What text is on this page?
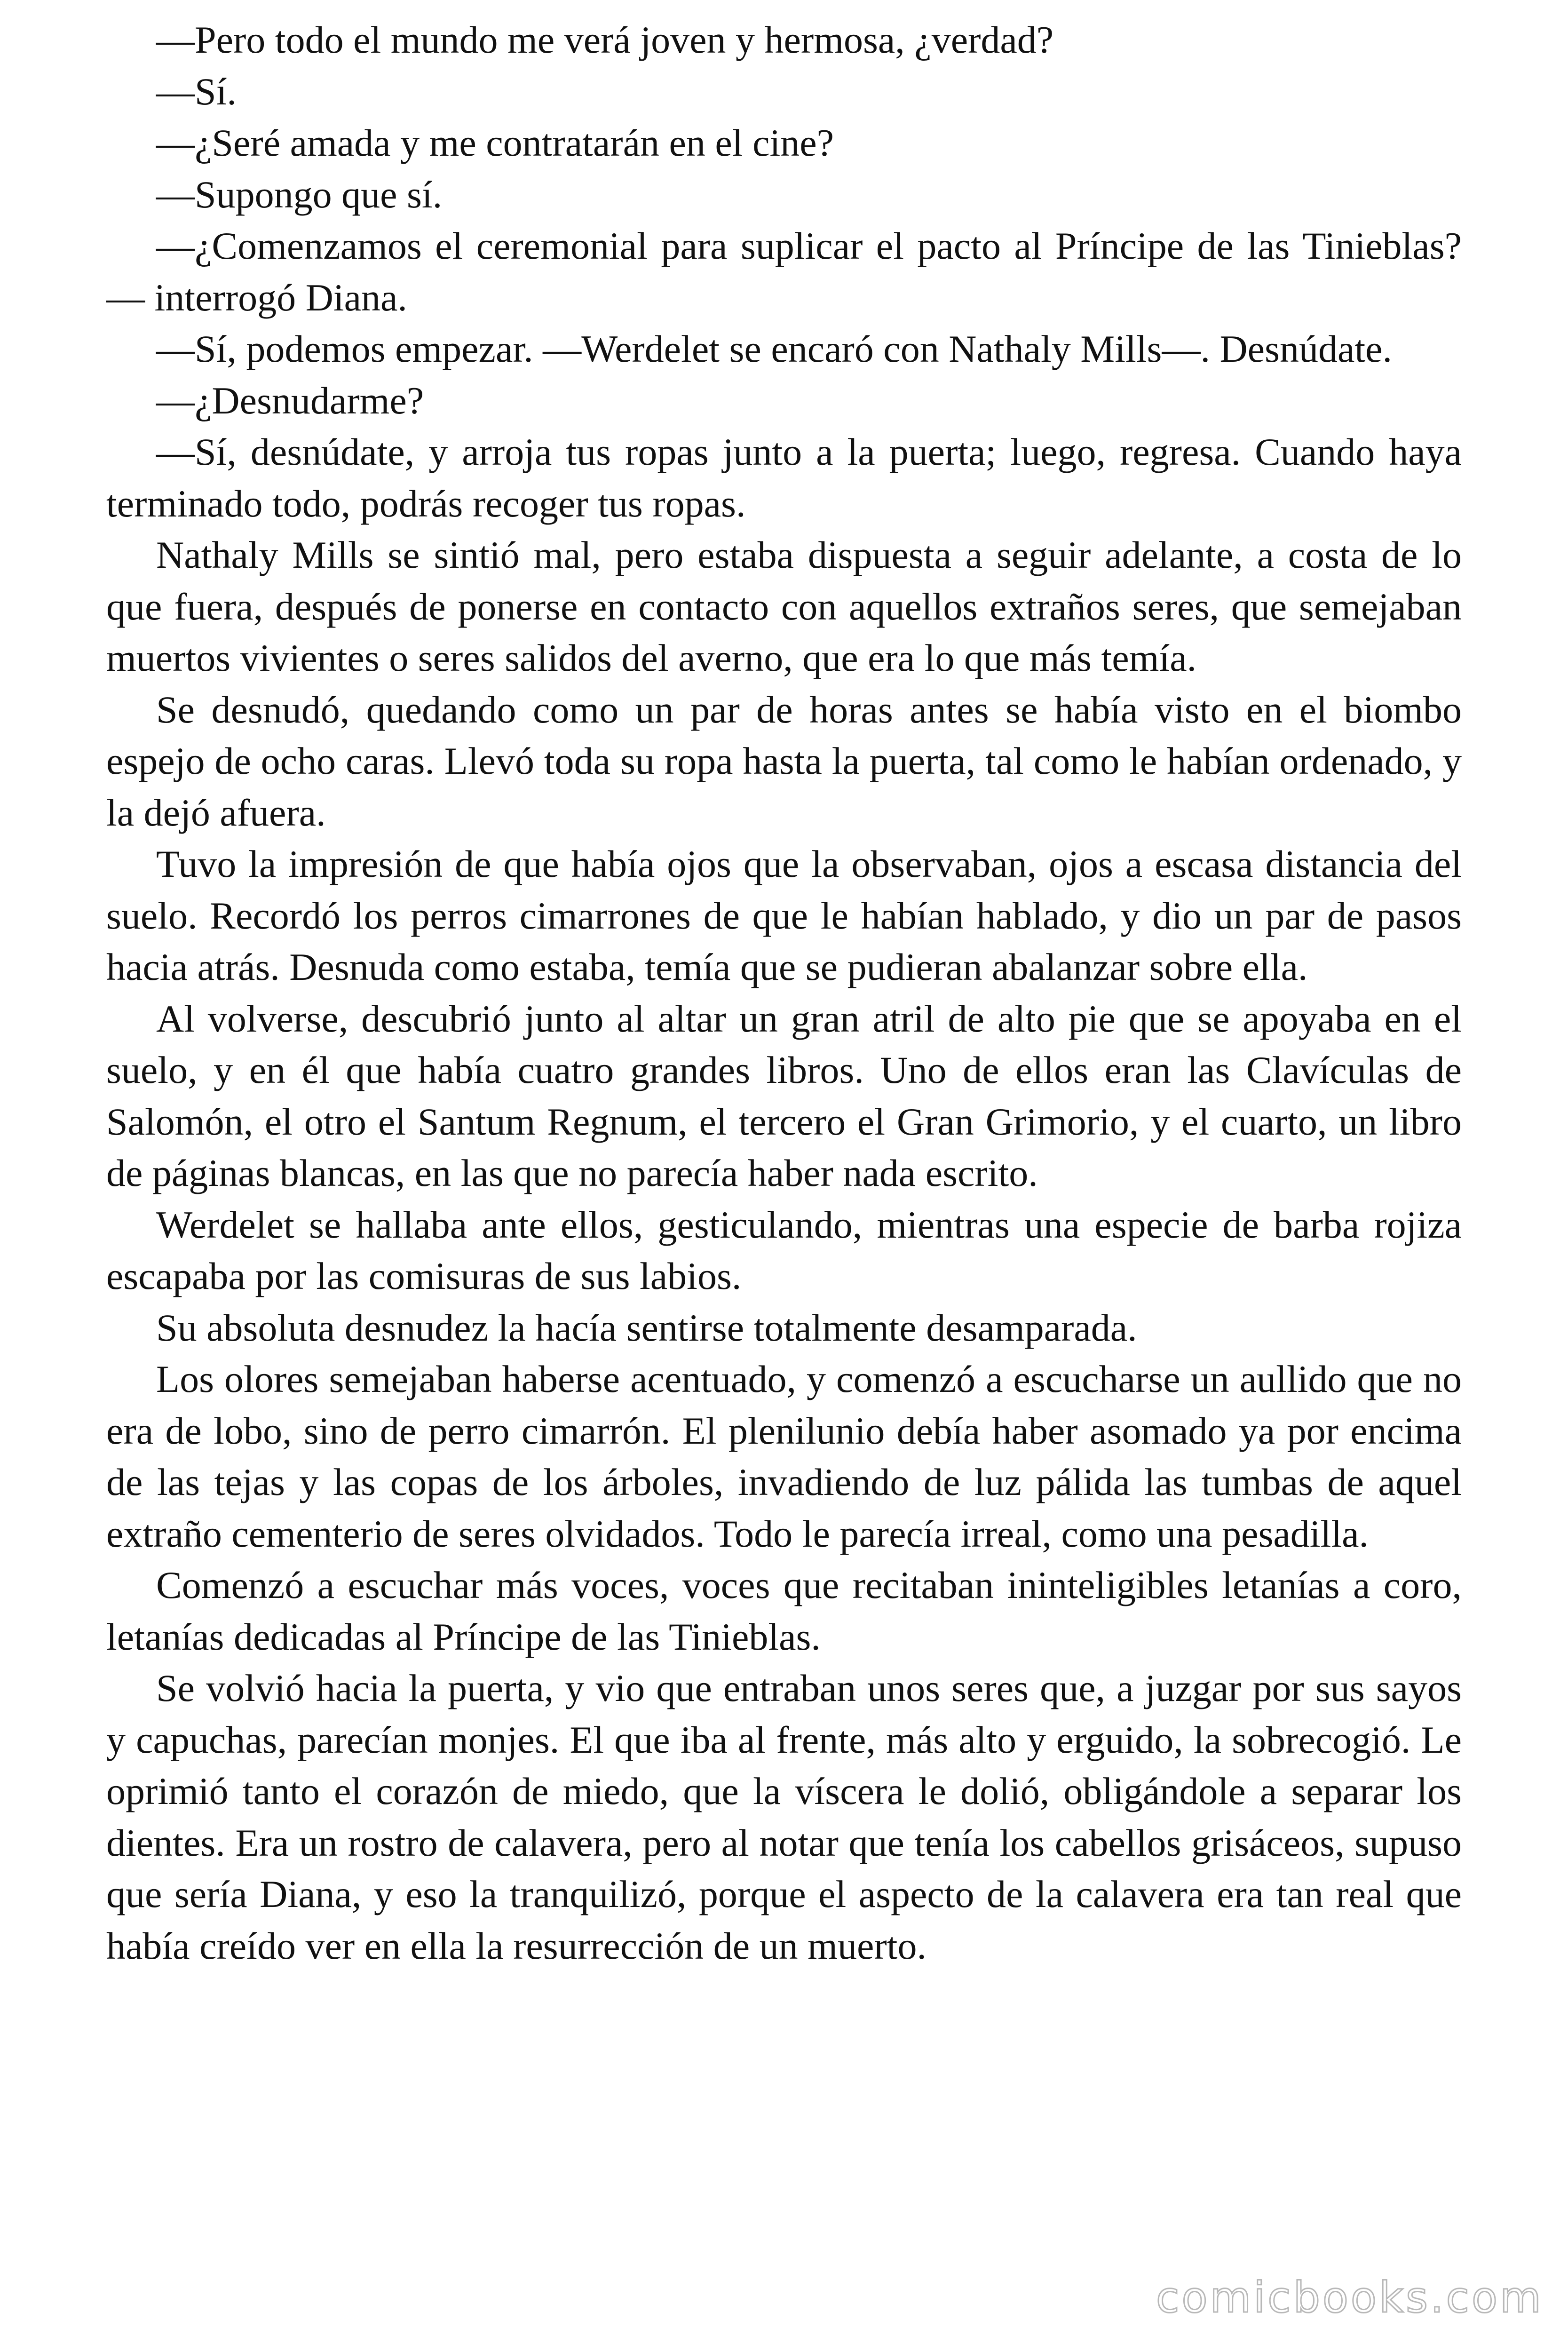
—Pero todo el mundo me verá joven y hermosa, ¿verdad?

—Sí.

—¿Seré amada y me contratarán en el cine?

—Supongo que sí.

—¿Comenzamos el ceremonial para suplicar el pacto al Príncipe de las Tinieblas? — interrogó Diana.

—Sí, podemos empezar. —Werdelet se encaró con Nathaly Mills—. Desnúdate.

—¿Desnudarme?

—Sí, desnúdate, y arroja tus ropas junto a la puerta; luego, regresa. Cuando haya terminado todo, podrás recoger tus ropas.

Nathaly Mills se sintió mal, pero estaba dispuesta a seguir adelante, a costa de lo que fuera, después de ponerse en contacto con aquellos extraños seres, que semejaban muertos vivientes o seres salidos del averno, que era lo que más temía.

Se desnudó, quedando como un par de horas antes se había visto en el biombo espejo de ocho caras. Llevó toda su ropa hasta la puerta, tal como le habían ordenado, y la dejó afuera.

Tuvo la impresión de que había ojos que la observaban, ojos a escasa distancia del suelo. Recordó los perros cimarrones de que le habían hablado, y dio un par de pasos hacia atrás. Desnuda como estaba, temía que se pudieran abalanzar sobre ella.

Al volverse, descubrió junto al altar un gran atril de alto pie que se apoyaba en el suelo, y en él que había cuatro grandes libros. Uno de ellos eran las Clavículas de Salomón, el otro el Santum Regnum, el tercero el Gran Grimorio, y el cuarto, un libro de páginas blancas, en las que no parecía haber nada escrito.

Werdelet se hallaba ante ellos, gesticulando, mientras una especie de barba rojiza escapaba por las comisuras de sus labios.

Su absoluta desnudez la hacía sentirse totalmente desamparada.

Los olores semejaban haberse acentuado, y comenzó a escucharse un aullido que no era de lobo, sino de perro cimarrón. El plenilunio debía haber asomado ya por encima de las tejas y las copas de los árboles, invadiendo de luz pálida las tumbas de aquel extraño cementerio de seres olvidados. Todo le parecía irreal, como una pesadilla.

Comenzó a escuchar más voces, voces que recitaban ininteligibles letanías a coro, letanías dedicadas al Príncipe de las Tinieblas.

Se volvió hacia la puerta, y vio que entraban unos seres que, a juzgar por sus sayos y capuchas, parecían monjes. El que iba al frente, más alto y erguido, la sobrecogió. Le oprimió tanto el corazón de miedo, que la víscera le dolió, obligándole a separar los dientes. Era un rostro de calavera, pero al notar que tenía los cabellos grisáceos, supuso que sería Diana, y eso la tranquilizó, porque el aspecto de la calavera era tan real que había creído ver en ella la resurrección de un muerto.

comicbooks.com
